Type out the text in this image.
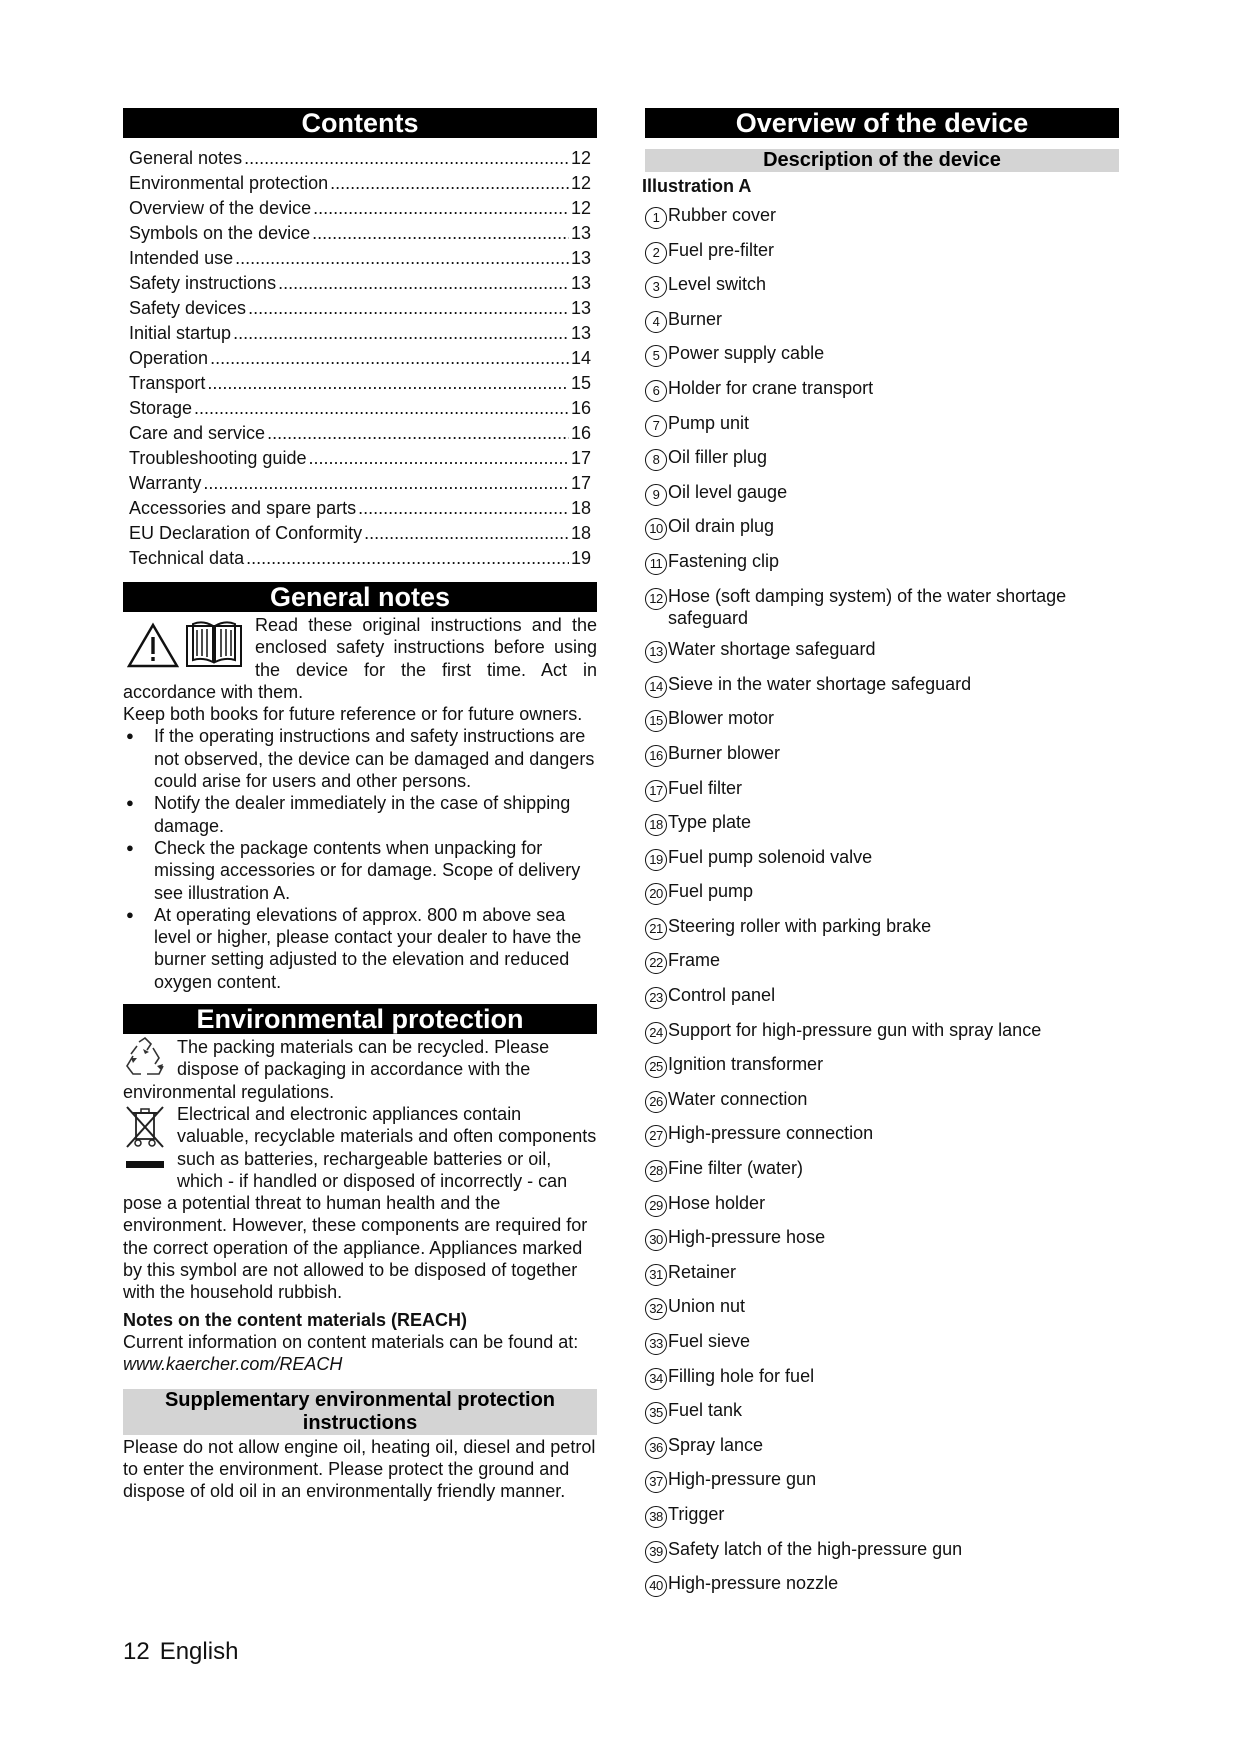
Contents
General notes .....	12
Environmental protection .....	12
Overview of the device .....	12
Symbols on the device .....	13
Intended use .....	13
Safety instructions .....	13
Safety devices .....	13
Initial startup .....	13
Operation .....	14
Transport .....	15
Storage .....	16
Care and service .....	16
Troubleshooting guide .....	17
Warranty .....	17
Accessories and spare parts .....	18
EU Declaration of Conformity .....	18
Technical data .....	19
General notes

Read these original instructions and the enclosed safety instructions before using the device for the first time. Act in accordance with them.

Keep both books for future reference or for future owners.

● If the operating instructions and safety instructions are not observed, the device can be damaged and dangers could arise for users and other persons.
● Notify the dealer immediately in the case of shipping damage.
● Check the package contents when unpacking for missing accessories or for damage. Scope of delivery see illustration A.
● At operating elevations of approx. 800 m above sea level or higher, please contact your dealer to have the burner setting adjusted to the elevation and reduced oxygen content.
Environmental protection

The packing materials can be recycled. Please dispose of packaging in accordance with the environmental regulations.

Electrical and electronic appliances contain valuable, recyclable materials and often components such as batteries, rechargeable batteries or oil, which - if handled or disposed of incorrectly - can pose a potential threat to human health and the environment. However, these components are required for the correct operation of the appliance. Appliances marked by this symbol are not allowed to be disposed of together with the household rubbish.

Notes on the content materials (REACH)

Current information on content materials can be found at: www.kaercher.com/REACH

Supplementary environmental protection instructions

Please do not allow engine oil, heating oil, diesel and petrol to enter the environment. Please protect the ground and dispose of old oil in an environmentally friendly manner.

Overview of the device
Description of the device
Illustration A
1 Rubber cover
2 Fuel pre-filter
3 Level switch
4 Burner
5 Power supply cable
6 Holder for crane transport
7 Pump unit
8 Oil filler plug
9 Oil level gauge
10 Oil drain plug
11 Fastening clip
12 Hose (soft damping system) of the water shortage safeguard
13 Water shortage safeguard
14 Sieve in the water shortage safeguard
15 Blower motor
16 Burner blower
17 Fuel filter
18 Type plate
19 Fuel pump solenoid valve
20 Fuel pump
21 Steering roller with parking brake
22 Frame
23 Control panel
24 Support for high-pressure gun with spray lance
25 Ignition transformer
26 Water connection
27 High-pressure connection
28 Fine filter (water)
29 Hose holder
30 High-pressure hose
31 Retainer
32 Union nut
33 Fuel sieve
34 Filling hole for fuel
35 Fuel tank
36 Spray lance
37 High-pressure gun
38 Trigger
39 Safety latch of the high-pressure gun
40 High-pressure nozzle
12 English
